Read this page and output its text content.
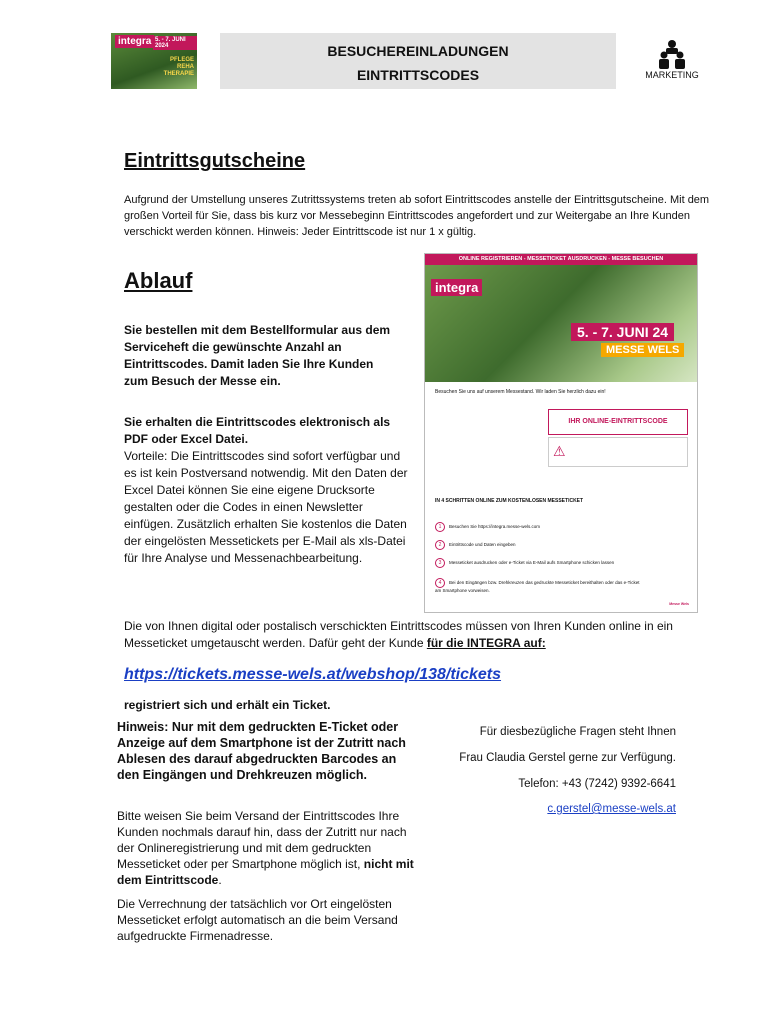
integra 5. - 7. JUNI 2024
PFLEGE
REHA
THERAPIE
BESUCHEREINLADUNGEN
EINTRITTSCODES	MARKETING
Eintrittsgutscheine
Aufgrund der Umstellung unseres Zutrittssystems treten ab sofort Eintrittscodes anstelle der Eintrittsgutscheine. Mit dem großen Vorteil für Sie, dass bis kurz vor Messebeginn Eintrittscodes angefordert und zur Weitergabe an Ihre Kunden verschickt werden können. Hinweis: Jeder Eintrittscode ist nur 1 x gültig.
Ablauf
Sie bestellen mit dem Bestellformular aus dem Serviceheft die gewünschte Anzahl an Eintrittscodes. Damit laden Sie Ihre Kunden zum Besuch der Messe ein.
Sie erhalten die Eintrittscodes elektronisch als PDF oder Excel Datei.
Vorteile: Die Eintrittscodes sind sofort verfügbar und es ist kein Postversand notwendig. Mit den Daten der Excel Datei können Sie eine eigene Drucksorte gestalten oder die Codes in einen Newsletter einfügen. Zusätzlich erhalten Sie kostenlos die Daten der eingelösten Messetickets per E-Mail als xls-Datei für Ihre Analyse und Messenachbearbeitung.
ONLINE REGISTRIEREN - MESSETICKET AUSDRUCKEN - MESSE BESUCHEN
integra
5. - 7. JUNI 24
MESSE WELS
Besuchen Sie uns auf unserem Messestand. Wir laden Sie herzlich dazu ein!
IHR ONLINE-EINTRITTSCODE
⚠
IN 4 SCHRITTEN ONLINE ZUM KOSTENLOSEN MESSETICKET
1 Besuchen Sie https://integra.messe-wels.com
2 Eintrittscode und Daten eingeben
3 Messeticket ausdrucken oder e-Ticket via E-Mail aufs Smartphone schicken lassen
4 Bei den Eingängen bzw. Drehkreuzen das gedruckte Messeticket bereithalten oder das e-Ticket am Smartphone vorweisen.
Messe Wels
Die von Ihnen digital oder postalisch verschickten Eintrittscodes müssen von Ihren Kunden online in ein Messeticket umgetauscht werden. Dafür geht der Kunde für die INTEGRA auf:
https://tickets.messe-wels.at/webshop/138/tickets
registriert sich und erhält ein Ticket.
Hinweis: Nur mit dem gedruckten E-Ticket oder Anzeige auf dem Smartphone ist der Zutritt nach Ablesen des darauf abgedruckten Barcodes an den Eingängen und Drehkreuzen möglich.
Bitte weisen Sie beim Versand der Eintrittscodes Ihre Kunden nochmals darauf hin, dass der Zutritt nur nach der Onlineregistrierung und mit dem gedruckten Messeticket oder per Smartphone möglich ist, nicht mit dem Eintrittscode.
Die Verrechnung der tatsächlich vor Ort eingelösten Messeticket erfolgt automatisch an die beim Versand aufgedruckte Firmenadresse.
Für diesbezügliche Fragen steht Ihnen
Frau Claudia Gerstel gerne zur Verfügung.
Telefon: +43 (7242) 9392-6641
c.gerstel@messe-wels.at
